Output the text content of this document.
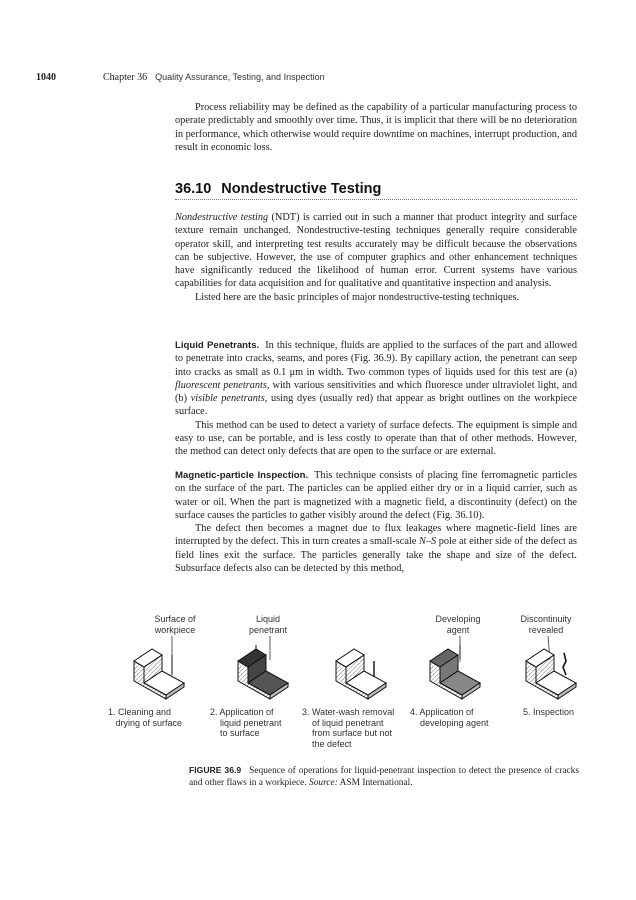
1040	Chapter 36 Quality Assurance, Testing, and Inspection

Process reliability may be defined as the capability of a particular manufacturing process to operate predictably and smoothly over time. Thus, it is implicit that there will be no deterioration in performance, which otherwise would require downtime on machines, interrupt production, and result in economic loss.

36.10 Nondestructive Testing

Nondestructive testing (NDT) is carried out in such a manner that product integrity and surface texture remain unchanged. Nondestructive-testing techniques generally require considerable operator skill, and interpreting test results accurately may be difficult because the observations can be subjective. However, the use of computer graphics and other enhancement techniques have significantly reduced the likelihood of human error. Current systems have various capabilities for data acquisition and for qualitative and quantitative inspection and analysis.

Listed here are the basic principles of major nondestructive-testing techniques.

Liquid Penetrants. In this technique, fluids are applied to the surfaces of the part and allowed to penetrate into cracks, seams, and pores (Fig. 36.9). By capillary action, the penetrant can seep into cracks as small as 0.1 μm in width. Two common types of liquids used for this test are (a) fluorescent penetrants, with various sensitivities and which fluoresce under ultraviolet light, and (b) visible penetrants, using dyes (usually red) that appear as bright outlines on the workpiece surface.

This method can be used to detect a variety of surface defects. The equipment is simple and easy to use, can be portable, and is less costly to operate than that of other methods. However, the method can detect only defects that are open to the surface or are external.

Magnetic-particle Inspection. This technique consists of placing fine ferromagnetic particles on the surface of the part. The particles can be applied either dry or in a liquid carrier, such as water or oil. When the part is magnetized with a magnetic field, a discontinuity (defect) on the surface causes the particles to gather visibly around the defect (Fig. 36.10).

The defect then becomes a magnet due to flux leakages where magnetic-field lines are interrupted by the defect. This in turn creates a small-scale N–S pole at either side of the defect as field lines exit the surface. The particles generally take the shape and size of the defect. Subsurface defects also can be detected by this method,

Surface of
workpiece
Liquid
penetrant
Developing
agent
Discontinuity
revealed
1. Cleaning and
drying of surface
2. Application of
liquid penetrant
to surface
3. Water-wash removal
of liquid penetrant
from surface but not
the defect
4. Application of
developing agent
5. Inspection

FIGURE 36.9 Sequence of operations for liquid-penetrant inspection to detect the presence of cracks and other flaws in a workpiece. Source: ASM International.
